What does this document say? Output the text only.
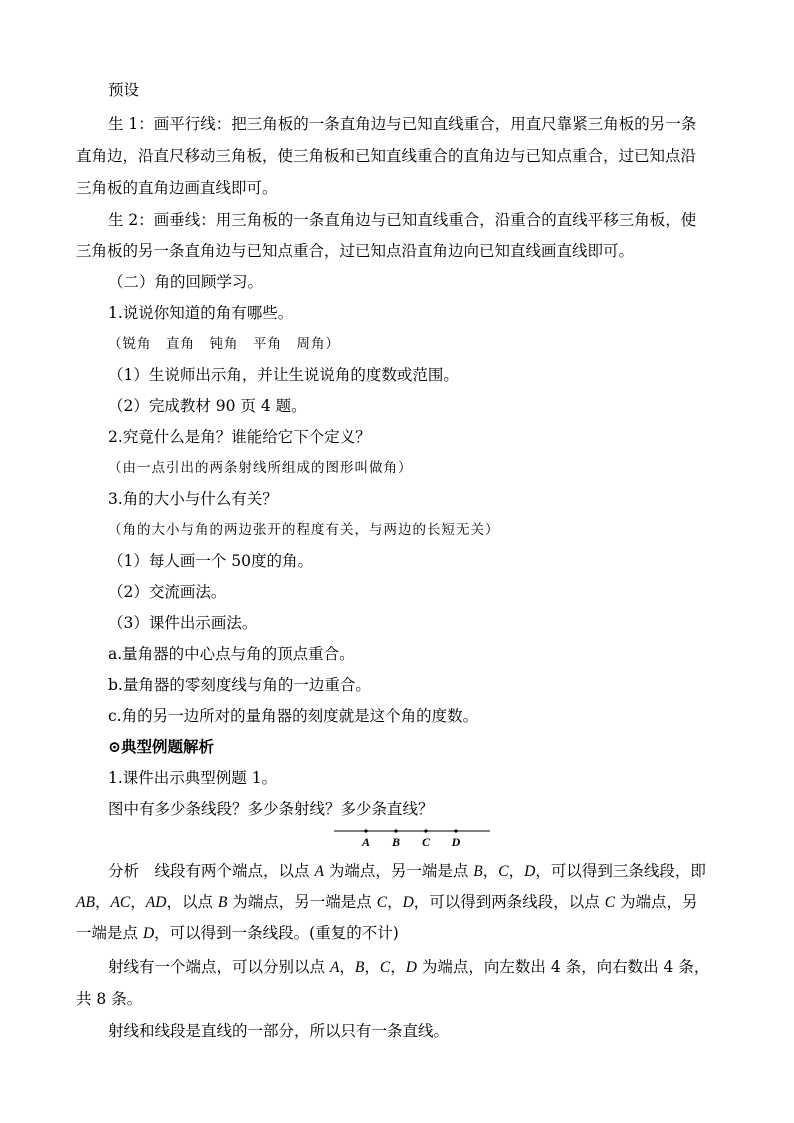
预设
生 1：画平行线：把三角板的一条直角边与已知直线重合，用直尺靠紧三角板的另一条
直角边，沿直尺移动三角板，使三角板和已知直线重合的直角边与已知点重合，过已知点沿
三角板的直角边画直线即可。
生 2：画垂线：用三角板的一条直角边与已知直线重合，沿重合的直线平移三角板，使
三角板的另一条直角边与已知点重合，过已知点沿直角边向已知直线画直线即可。
（二）角的回顾学习。
1.说说你知道的角有哪些。
（锐角　直角　钝角　平角　周角）
（1）生说师出示角，并让生说说角的度数或范围。
（2）完成教材 90 页 4 题。
2.究竟什么是角？谁能给它下个定义？
（由一点引出的两条射线所组成的图形叫做角）
3.角的大小与什么有关？
（角的大小与角的两边张开的程度有关，与两边的长短无关）
（1）每人画一个 50度的角。
（2）交流画法。
（3）课件出示画法。
a.量角器的中心点与角的顶点重合。
b.量角器的零刻度线与角的一边重合。
c.角的另一边所对的量角器的刻度就是这个角的度数。
⊙典型例题解析
1.课件出示典型例题 1。
图中有多少条线段？多少条射线？多少条直线？
A B C D
分析　线段有两个端点，以点 A 为端点，另一端是点 B，C，D，可以得到三条线段，即
AB，AC，AD，以点 B 为端点，另一端是点 C，D，可以得到两条线段，以点 C 为端点，另
一端是点 D，可以得到一条线段。(重复的不计)
射线有一个端点，可以分别以点 A，B，C，D 为端点，向左数出 4 条，向右数出 4 条，
共 8 条。
射线和线段是直线的一部分，所以只有一条直线。
